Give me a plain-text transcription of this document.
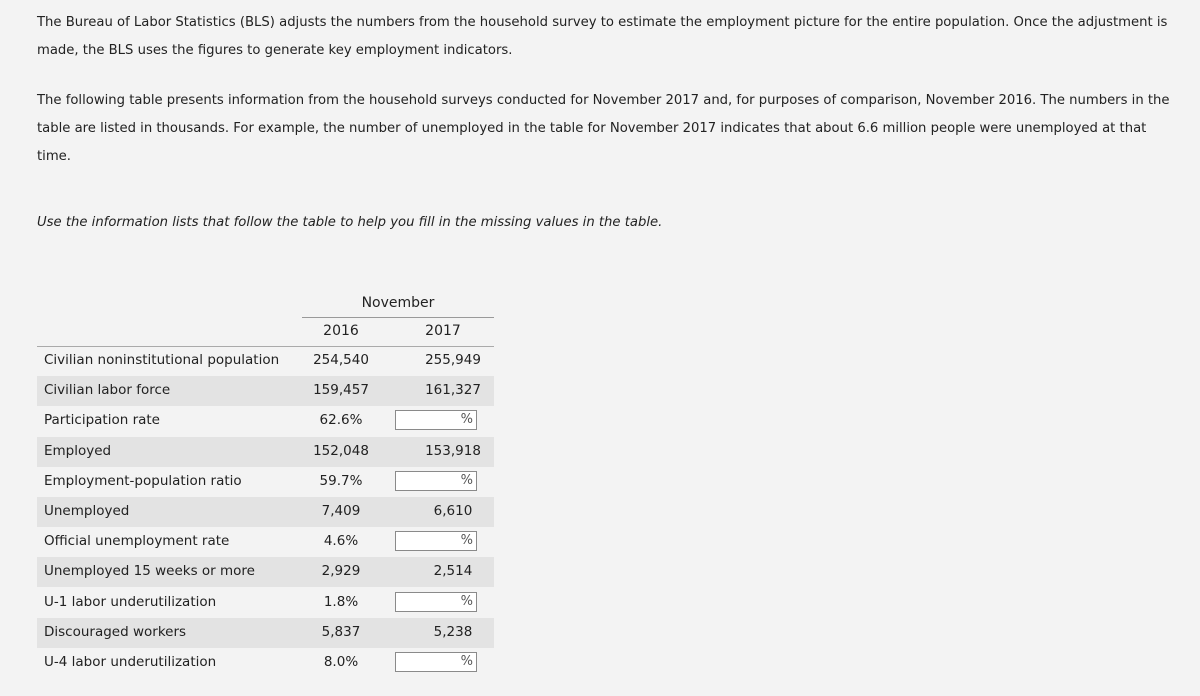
The Bureau of Labor Statistics (BLS) adjusts the numbers from the household survey to estimate the employment picture for the entire population. Once the adjustment is made, the BLS uses the figures to generate key employment indicators.

The following table presents information from the household surveys conducted for November 2017 and, for purposes of comparison, November 2016. The numbers in the table are listed in thousands. For example, the number of unemployed in the table for November 2017 indicates that about 6.6 million people were unemployed at that time.

Use the information lists that follow the table to help you fill in the missing values in the table.

November
2016	2017
Civilian noninstitutional population	254,540	255,949
Civilian labor force	159,457	161,327
Participation rate	62.6%	%
Employed	152,048	153,918
Employment-population ratio	59.7%	%
Unemployed	7,409	6,610
Official unemployment rate	4.6%	%
Unemployed 15 weeks or more	2,929	2,514
U-1 labor underutilization	1.8%	%
Discouraged workers	5,837	5,238
U-4 labor underutilization	8.0%	%
